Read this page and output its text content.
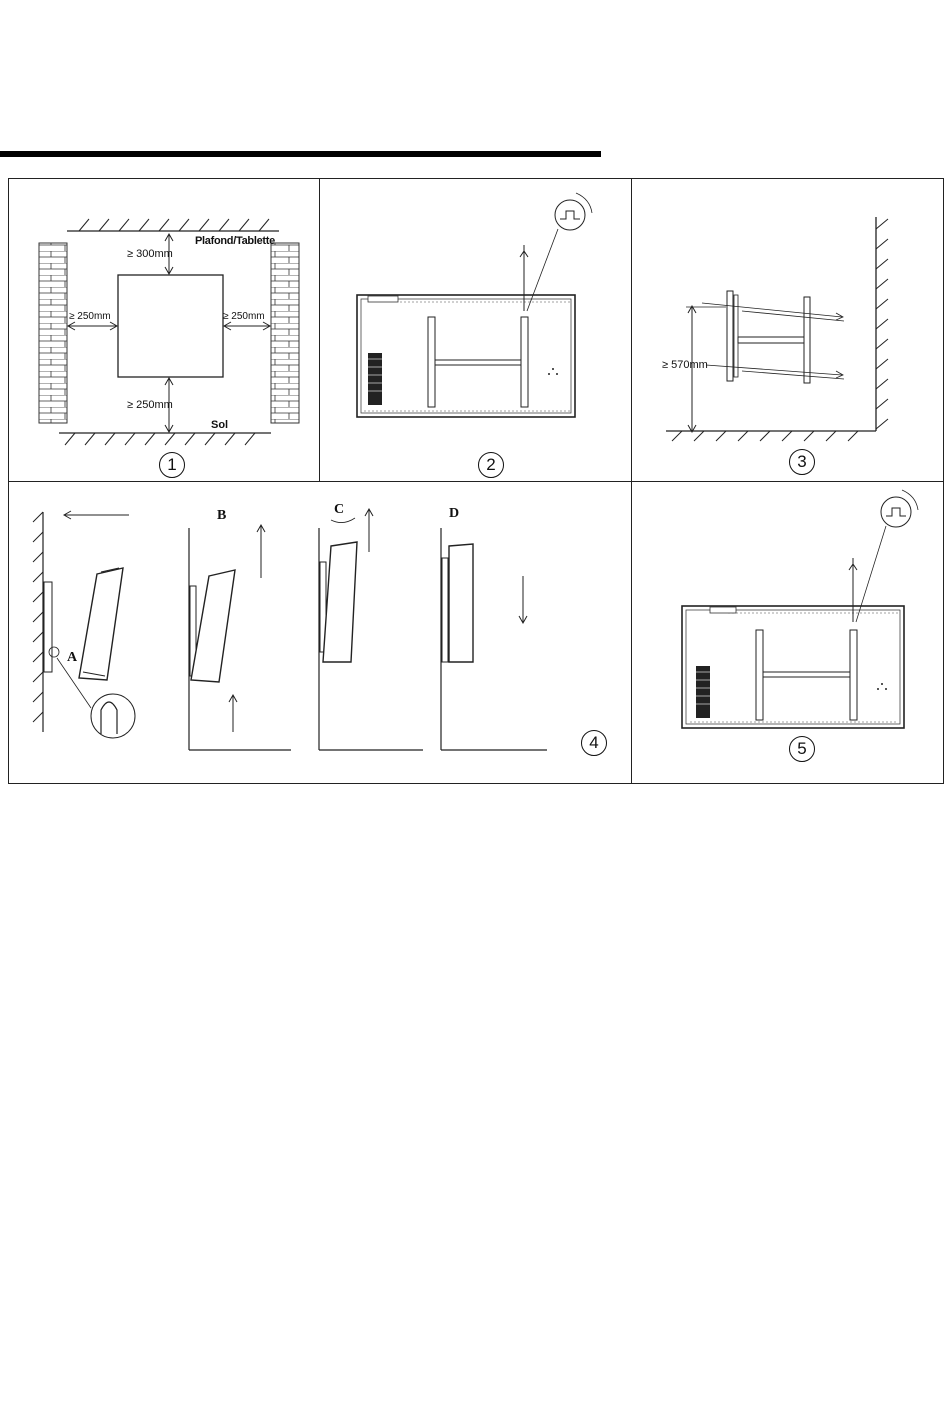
Plafond/Tablette
≥ 300mm
≥ 250mm	≥ 250mm
≥ 250mm
Sol
1	2
≥ 570mm
3
A
B	C	D
4	5
